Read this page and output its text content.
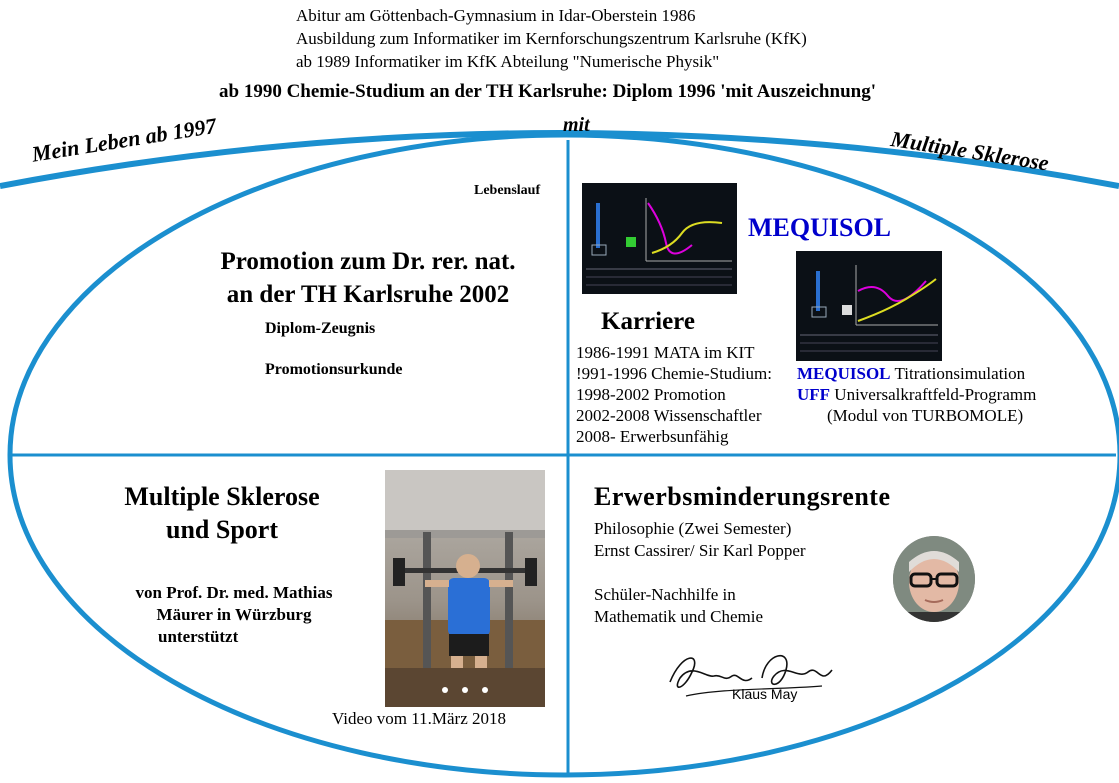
Abitur am Göttenbach-Gymnasium in Idar-Oberstein 1986
Ausbildung zum Informatiker im Kernforschungszentrum Karlsruhe (KfK)
ab 1989 Informatiker im KfK Abteilung "Numerische Physik"
ab 1990 Chemie-Studium an der TH Karlsruhe: Diplom 1996 'mit Auszeichnung'
Mein Leben ab 1997	mit
Multiple Sklerose
Lebenslauf
Promotion zum Dr. rer. nat.
an der TH Karlsruhe 2002
Diplom-Zeugnis
Promotionsurkunde
MEQUISOL
Karriere
1986-1991 MATA im KIT
!991-1996 Chemie-Studium:
1998-2002 Promotion
2002-2008 Wissenschaftler
2008- Erwerbsunfähig
MEQUISOL Titrationsimulation
UFF Universalkraftfeld-Programm
(Modul von TURBOMOLE)
Multiple Sklerose
und Sport
von Prof. Dr. med. Mathias
Mäurer in Würzburg
unterstützt
Video vom 11.März 2018
Erwerbsminderungsrente
Philosophie (Zwei Semester)
Ernst Cassirer/ Sir Karl Popper
Schüler-Nachhilfe in
Mathematik und Chemie
Klaus May
